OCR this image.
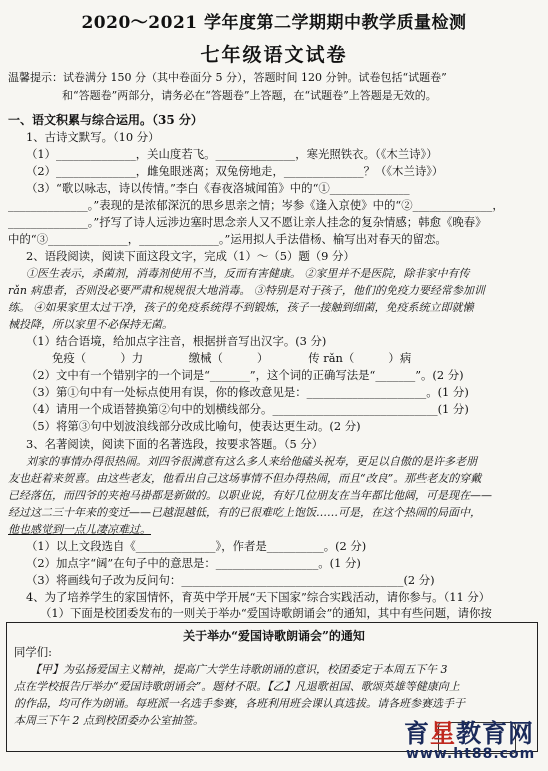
2020～2021 学年度第二学期期中教学质量检测
七年级语文试卷
温馨提示：试卷满分 150 分（其中卷面分 5 分），答题时间 120 分钟。试卷包括“试题卷”
和“答题卷”两部分，请务必在“答题卷”上答题，在“试题卷”上答题是无效的。
一、语文积累与综合运用。（35 分）
1、古诗文默写。（10 分）
（1）______________，关山度若飞。______________，寒光照铁衣。（《木兰诗》）
（2）______________，雌兔眼迷离；双兔傍地走，______________？（《木兰诗》）
（3）“歌以咏志，诗以传情。”李白《春夜洛城闻笛》中的“①______________
______________。”表现的是浓郁深沉的思乡思亲之情；岑参《逢入京使》中的“②______________，
______________。”抒写了诗人远涉边塞时思念亲人又不愿让亲人挂念的复杂情感；韩愈《晚春》
中的“③______________，______________。”运用拟人手法借杨、榆写出对春天的留恋。
2、语段阅读，阅读下面这段文字，完成（1）～（5）题（9 分）
①医生表示，杀菌剂，消毒剂使用不当，反而有害健康。 ②家里并不是医院，除非家中有传
rǎn 病患者，否则没必要严肃和规规很大地消毒。 ③特别是对于孩子，他们的免疫力要经常参加训
练。 ④如果家里太过干净，孩子的免疫系统得不到锻炼，孩子一接触到细菌，免疫系统立即就懒
械投降，所以家里不必保持无菌。
（1）结合语境，给加点字注音，根据拼音写出汉字。(3 分)
免疫（　　　）力　　　　缴械（　　　）　　　　传 rǎn（　　　）病
（2）文中有一个错别字的一个词是“_______”，这个词的正确写法是“_______”。(2 分)
（3）第①句中有一处标点使用有误，你的修改意见是：_____________________。(1 分)
（4）请用一个成语替换第②句中的划横线部分。_____________________________(1 分)
（5）将第③句中划波浪线部分改成比喻句，使表达更生动。(2 分)
3、名著阅读，阅读下面的名著选段，按要求答题。（5 分）
刘家的事情办得很热闹。刘四爷很满意有这么多人来给他磕头祝寿，更足以自傲的是许多老朋
友也赶着来贺喜。由这些老友，他看出自己这场事情不但办得热闹，而且“改良”。那些老友的穿戴
已经落伍，而四爷的夹袍马褂都是新做的。以职业说，有好几位朋友在当年都比他阔，可是现在——
经过这二三十年来的变迁——已越混越低，有的已很难吃上饱饭……可是，在这个热闹的局面中，
他也感觉到一点儿凄凉难过。
（1）以上文段选自《______________》，作者是__________。(2 分)
（2）加点字“阔”在句子中的意思是：__________________。(1 分)
（3）将画线句子改为反问句：_______________________________________(2 分)
4、为了培养学生的家国情怀，育英中学开展“天下国家”综合实践活动，请你参与。（11 分）
（1）下面是校团委发布的一则关于举办“爱国诗歌朗诵会”的通知，其中有些问题，请你按
关于举办“爱国诗歌朗诵会”的通知
同学们:
【甲】为弘扬爱国主义精神，提高广大学生诗歌朗诵的意识，校团委定于本周五下午 3
点在学校报告厅举办“爱国诗歌朗诵会”。题材不限。【乙】凡退歌祖国、歌颂英雄等健康向上
的作品，均可作为朗诵。每班派一名选手参赛，各班利用班会课认真选拔。请各班参赛选手于
本周三下午 2 点到校团委办公室抽签。	育星教育网
www.ht88.com
